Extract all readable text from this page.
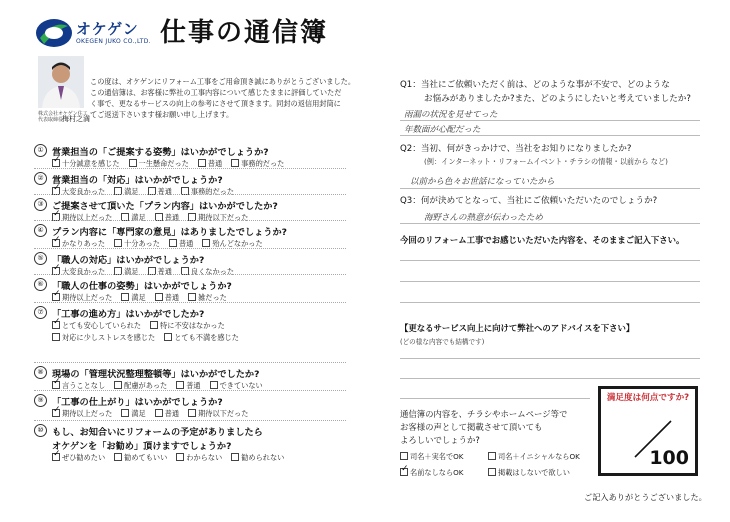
オケゲン
OKEGEN JUKO CO.,LTD. 仕事の通信簿
株式会社オケゲン住工
代表取締役
梅村之満
この度は、オケゲンにリフォーム工事をご用命頂き誠にありがとうございました。
この通信簿は、お客様に弊社の工事内容について感じたままに評価していただ
く事で、更なるサービスの向上の参考にさせて頂きます。同封の返信用封筒に
てご返送下さいます様お願い申し上げます。
① 営業担当の「ご提案する姿勢」はいかがでしょうか?
✓十分誠意を感じた	一生懸命だった	普通	事務的だった
② 営業担当の「対応」はいかがでしょうか?
✓大変良かった	満足	普通	事務的だった
③ ご提案させて頂いた「プラン内容」はいかがでしたか?
✓期待以上だった	満足	普通	期待以下だった
④ プラン内容に「専門家の意見」はありましたでしょうか?
✓かなりあった	十分あった	普通	殆んどなかった
⑤ 「職人の対応」はいかがでしょうか?
✓大変良かった	満足	普通	良くなかった
⑥ 「職人の仕事の姿勢」はいかがでしょうか?
✓期待以上だった	満足	普通	雑だった
⑦ 「工事の進め方」はいかがでしたか?
✓とても安心していられた	特に不安はなかった
対応に少しストレスを感じた	とても不満を感じた
⑧ 現場の「管理状況整理整頓等」はいかがでしたか?
✓言うことなし	配慮があった	普通	できていない
⑨ 「工事の仕上がり」はいかがでしょうか?
✓期待以上だった	満足	普通	期待以下だった
⑩ もし、お知合いにリフォームの予定がありましたら
オケゲンを「お勧め」頂けますでしょうか?
✓ぜひ勧めたい	勧めてもいい	わからない	勧められない
Q1：当社にご依頼いただく前は、どのような事が不安で、どのような
お悩みがありましたか?また、どのようにしたいと考えていましたか?
雨漏の状況を見せてった
年数面が心配だった
Q2：当初、何がきっかけで、当社をお知りになりましたか?
(例：インターネット・リフォームイベント・チラシの情報・以前から など)
以前から色々お世話になっていたから
Q3：何が決めてとなって、当社にご依頼いただいたのでしょうか?
海野さんの熱意が伝わったため
今回のリフォーム工事でお感じいただいた内容を、そのままご記入下さい。
【更なるサービス向上に向けて弊社へのアドバイスを下さい】
(どの様な内容でも結構です)
通信簿の内容を、チラシやホームページ等で
お客様の声として掲載させて頂いても
よろしいでしょうか?
司名＋実名でOK	司名＋イニシャルならOK
✓名前なしならOK	掲載はしないで欲しい
満足度は何点ですか?
100
ご記入ありがとうございました。
